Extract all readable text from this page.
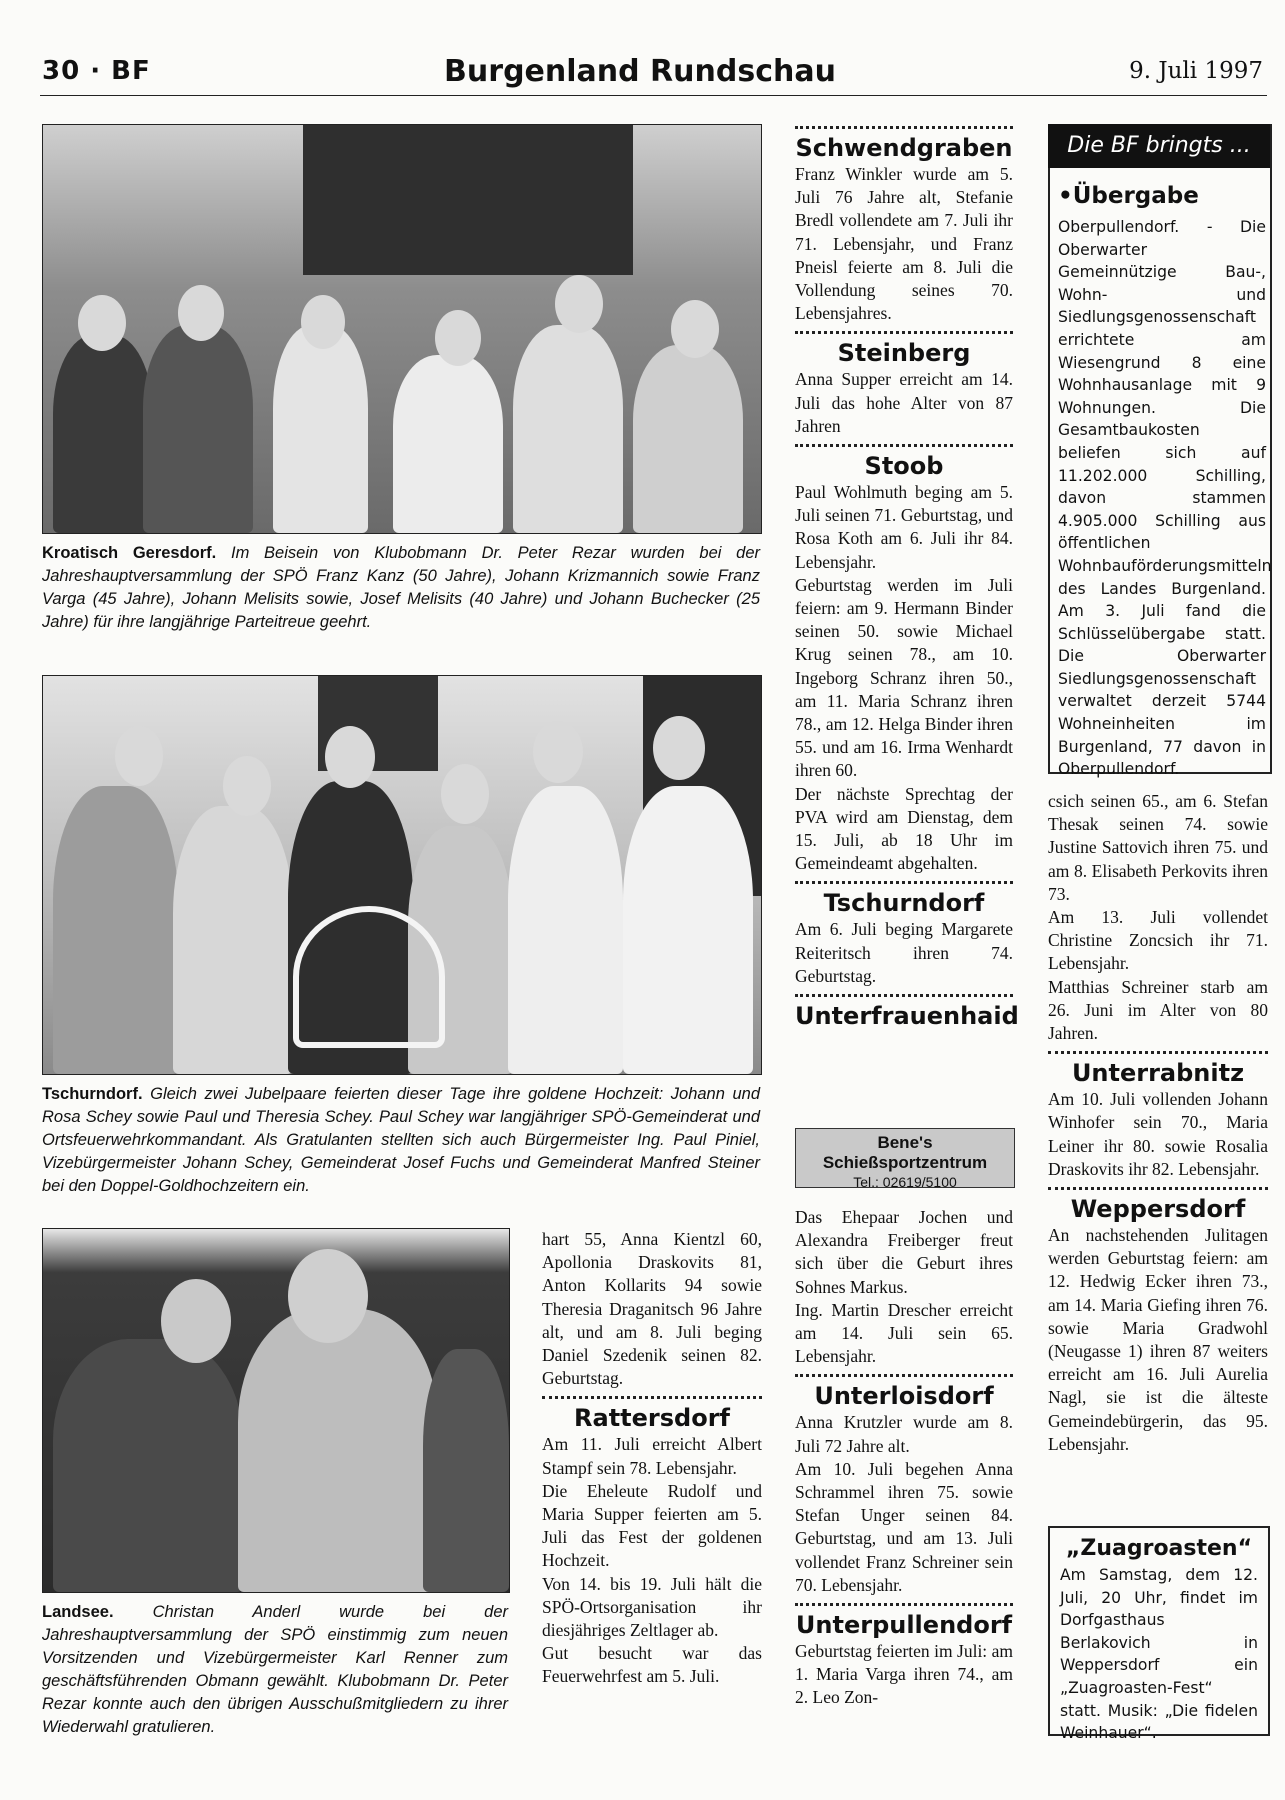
30 · BF	Burgenland Rundschau	9. Juli 1997
Kroatisch Geresdorf. Im Beisein von Klubobmann Dr. Peter Rezar wurden bei der Jahreshauptversammlung der SPÖ Franz Kanz (50 Jahre), Johann Krizmannich sowie Franz Varga (45 Jahre), Johann Melisits sowie, Josef Melisits (40 Jahre) und Johann Buchecker (25 Jahre) für ihre langjährige Parteitreue geehrt.
Tschurndorf. Gleich zwei Jubelpaare feierten dieser Tage ihre goldene Hochzeit: Johann und Rosa Schey sowie Paul und Theresia Schey. Paul Schey war langjähriger SPÖ-Gemeinderat und Ortsfeuerwehrkommandant. Als Gratulanten stellten sich auch Bürgermeister Ing. Paul Piniel, Vizebürgermeister Johann Schey, Gemeinderat Josef Fuchs und Gemeinderat Manfred Steiner bei den Doppel-Goldhochzeitern ein.
Landsee. Christan Anderl wurde bei der Jahreshauptversammlung der SPÖ einstimmig zum neuen Vorsitzenden und Vizebürgermeister Karl Renner zum geschäftsführenden Obmann gewählt. Klubobmann Dr. Peter Rezar konnte auch den übrigen Ausschußmitgliedern zu ihrer Wiederwahl gratulieren.

hart 55, Anna Kientzl 60, Apollonia Draskovits 81, Anton Kollarits 94 sowie Theresia Draganitsch 96 Jahre alt, und am 8. Juli beging Daniel Szedenik seinen 82. Geburtstag.

Rattersdorf

Am 11. Juli erreicht Albert Stampf sein 78. Lebensjahr.

Die Eheleute Rudolf und Maria Supper feierten am 5. Juli das Fest der goldenen Hochzeit.

Von 14. bis 19. Juli hält die SPÖ-Ortsorganisation ihr diesjähriges Zeltlager ab.

Gut besucht war das Feuerwehrfest am 5. Juli.

Schwendgraben

Franz Winkler wurde am 5. Juli 76 Jahre alt, Stefanie Bredl vollendete am 7. Juli ihr 71. Lebensjahr, und Franz Pneisl feierte am 8. Juli die Vollendung seines 70. Lebensjahres.

Steinberg

Anna Supper erreicht am 14. Juli das hohe Alter von 87 Jahren

Stoob

Paul Wohlmuth beging am 5. Juli seinen 71. Geburtstag, und Rosa Koth am 6. Juli ihr 84. Lebensjahr.

Geburtstag werden im Juli feiern: am 9. Hermann Binder seinen 50. sowie Michael Krug seinen 78., am 10. Ingeborg Schranz ihren 50., am 11. Maria Schranz ihren 78., am 12. Helga Binder ihren 55. und am 16. Irma Wenhardt ihren 60.

Der nächste Sprechtag der PVA wird am Dienstag, dem 15. Juli, ab 18 Uhr im Gemeindeamt abgehalten.

Tschurndorf

Am 6. Juli beging Margarete Reiteritsch ihren 74. Geburtstag.

Unterfrauenhaid
Bene's Schießsportzentrum
Tel.: 02619/5100

Das Ehepaar Jochen und Alexandra Freiberger freut sich über die Geburt ihres Sohnes Markus.

Ing. Martin Drescher erreicht am 14. Juli sein 65. Lebensjahr.

Unterloisdorf

Anna Krutzler wurde am 8. Juli 72 Jahre alt.

Am 10. Juli begehen Anna Schrammel ihren 75. sowie Stefan Unger seinen 84. Geburtstag, und am 13. Juli vollendet Franz Schreiner sein 70. Lebensjahr.

Unterpullendorf

Geburtstag feierten im Juli: am 1. Maria Varga ihren 74., am 2. Leo Zon-

Die BF bringts ...
•Übergabe
Oberpullendorf. - Die Oberwarter Gemeinnützige Bau-, Wohn- und Siedlungsgenossenschaft errichtete am Wiesengrund 8 eine Wohnhausanlage mit 9 Wohnungen. Die Gesamtbaukosten beliefen sich auf 11.202.000 Schilling, davon stammen 4.905.000 Schilling aus öffentlichen Wohnbauförderungsmitteln des Landes Burgenland. Am 3. Juli fand die Schlüsselübergabe statt. Die Oberwarter Siedlungsgenossenschaft verwaltet derzeit 5744 Wohneinheiten im Burgenland, 77 davon in Oberpullendorf.

csich seinen 65., am 6. Stefan Thesak seinen 74. sowie Justine Sattovich ihren 75. und am 8. Elisabeth Perkovits ihren 73.

Am 13. Juli vollendet Christine Zoncsich ihr 71. Lebensjahr.

Matthias Schreiner starb am 26. Juni im Alter von 80 Jahren.

Unterrabnitz

Am 10. Juli vollenden Johann Winhofer sein 70., Maria Leiner ihr 80. sowie Rosalia Draskovits ihr 82. Lebensjahr.

Weppersdorf

An nachstehenden Julitagen werden Geburtstag feiern: am 12. Hedwig Ecker ihren 73., am 14. Maria Giefing ihren 76. sowie Maria Gradwohl (Neugasse 1) ihren 87 weiters erreicht am 16. Juli Aurelia Nagl, sie ist die älteste Gemeindebürgerin, das 95. Lebensjahr.

„Zuagroasten“
Am Samstag, dem 12. Juli, 20 Uhr, findet im Dorfgasthaus Berlakovich in Weppersdorf ein „Zuagroasten-Fest“ statt. Musik: „Die fidelen Weinhauer“.
